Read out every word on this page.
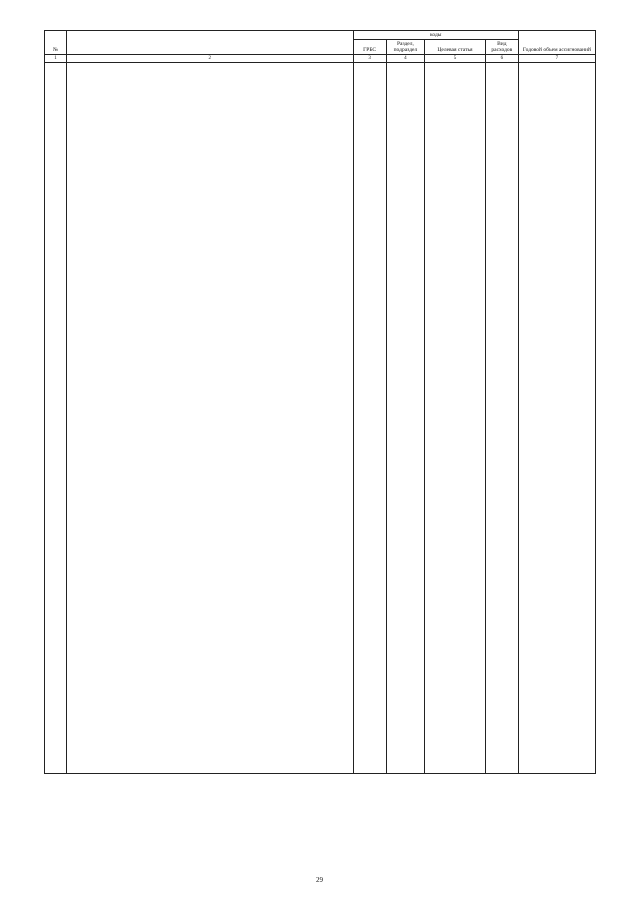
№		коды				Годовой объем ассигнований
		ГРБС	Раздел, подраздел	Целевая статья	Вид расходов	
1	2	3	4	5	6	7

29
